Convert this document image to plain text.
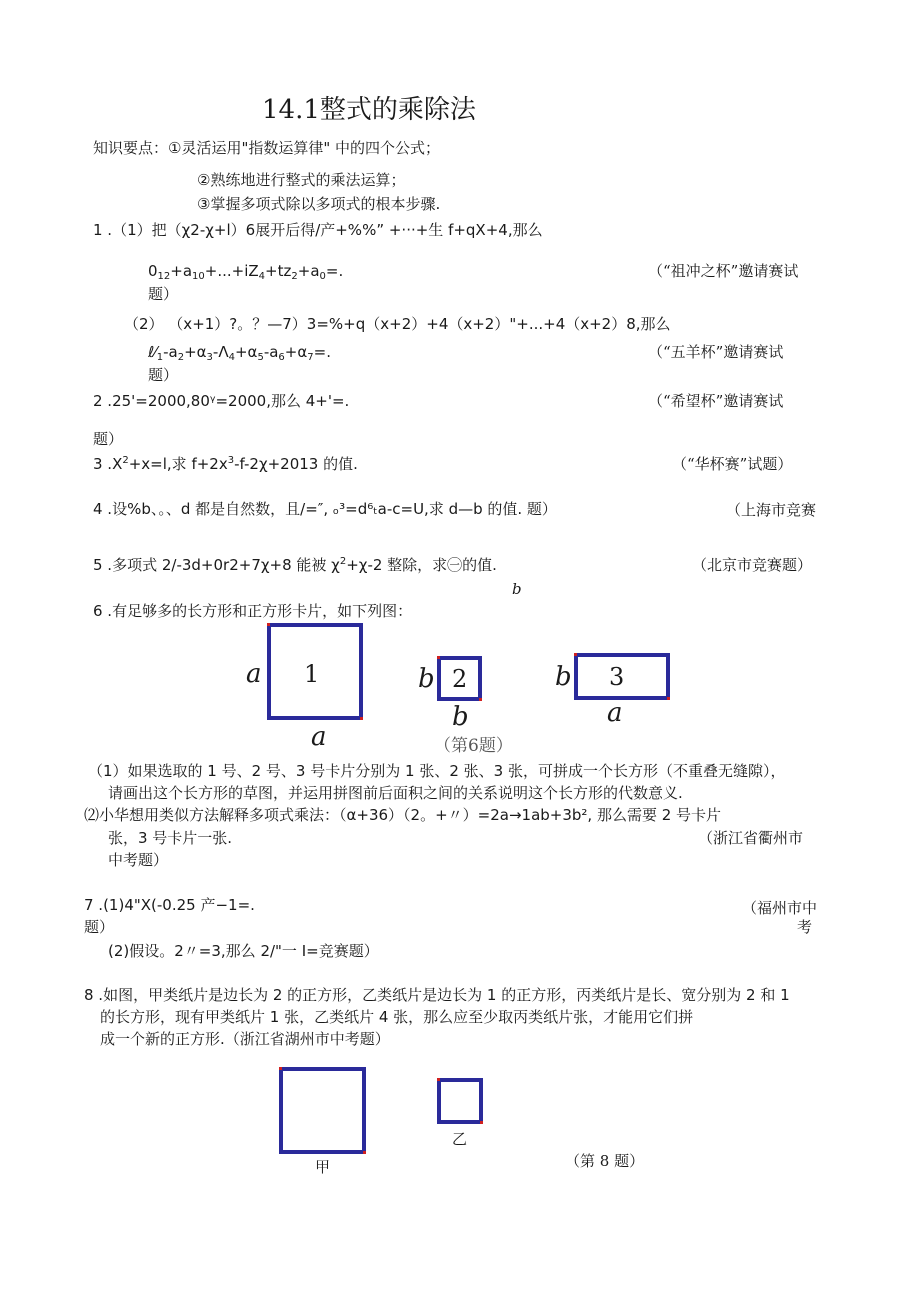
14.1整式的乘除法
知识要点：①灵活运用"指数运算律" 中的四个公式；
②熟练地进行整式的乘法运算；
③掌握多项式除以多项式的根本步骤.
1 .（1）把（χ2-χ+l）6展开后得/产+%%” +···+生 f+qX+4,那么
$0_{12}+a_{10}+...+iZ_4+tz_2+a_0=$.	（“祖冲之杯”邀请赛试
题）
（2） （x+1）?。？—7）3=%+q（x+2）+4（x+2）"+...+4（x+2）8,那么
$\ell⁄_1-a_2+\alpha_3-\Lambda_4+\alpha_5-a_6+\alpha_7=$.	（“五羊杯”邀请赛试
题）
2 .25'=2000,80ᵞ=2000,那么 4+'=.	（“希望杯”邀请赛试
题）
3 $.X^2+x=l$,求 $f+2x^3-f-2\chi+2013$ 的值.	（“华杯赛”试题）
4 .设%b、。、d 都是自然数，且/=″, ₒ³=d⁶ₜa-c=U,求 d—b 的值. 题）	（上海市竞赛
5 .多项式 2/-3d+0r2+7χ+8 能被 $\chi^2+\chi-2$ 整除，求㊀的值.	（北京市竞赛题）
b
6 .有足够多的长方形和正方形卡片，如下列图：
1
a
a
2
b
b
3
b
a
（第6题）
（1）如果选取的 1 号、2 号、3 号卡片分别为 1 张、2 张、3 张，可拼成一个长方形（不重叠无缝隙），
请画出这个长方形的草图，并运用拼图前后面积之间的关系说明这个长方形的代数意义.
⑵小华想用类似方法解释多项式乘法：（α+36）（2。+〃）=2a→1ab+3b², 那么需要 2 号卡片
张，3 号卡片一张.	（浙江省衢州市
中考题）
7 .(1)4"X(-0.25 产−1=.	（福州市中
题）	考
(2)假设。2〃=3,那么 2/"一 I=竞赛题）
8 .如图，甲类纸片是边长为 2 的正方形，乙类纸片是边长为 1 的正方形，丙类纸片是长、宽分别为 2 和 1
的长方形，现有甲类纸片 1 张，乙类纸片 4 张，那么应至少取丙类纸片张，才能用它们拼
成一个新的正方形.（浙江省湖州市中考题）
甲
乙
（第 8 题）
